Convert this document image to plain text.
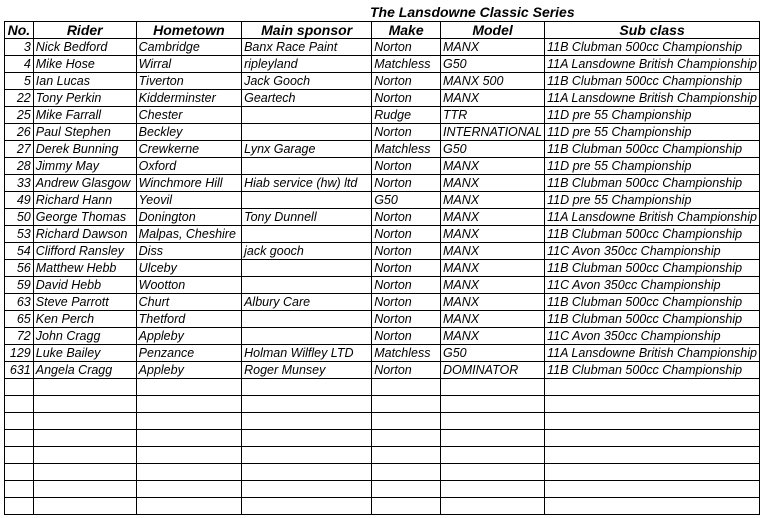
The Lansdowne Classic Series
No.	Rider	Hometown	Main sponsor	Make	Model	Sub class
3	Nick Bedford	Cambridge	Banx Race Paint	Norton	MANX	11B Clubman 500cc Championship
4	Mike Hose	Wirral	ripleyland	Matchless	G50	11A Lansdowne British Championship
5	Ian Lucas	Tiverton	Jack Gooch	Norton	MANX 500	11B Clubman 500cc Championship
22	Tony Perkin	Kidderminster	Geartech	Norton	MANX	11A Lansdowne British Championship
25	Mike Farrall	Chester		Rudge	TTR	11D pre 55 Championship
26	Paul Stephen	Beckley		Norton	INTERNATIONAL	11D pre 55 Championship
27	Derek Bunning	Crewkerne	Lynx Garage	Matchless	G50	11B Clubman 500cc Championship
28	Jimmy May	Oxford		Norton	MANX	11D pre 55 Championship
33	Andrew Glasgow	Winchmore Hill	Hiab service (hw) ltd	Norton	MANX	11B Clubman 500cc Championship
49	Richard Hann	Yeovil		G50	MANX	11D pre 55 Championship
50	George Thomas	Donington	Tony Dunnell	Norton	MANX	11A Lansdowne British Championship
53	Richard Dawson	Malpas, Cheshire		Norton	MANX	11B Clubman 500cc Championship
54	Clifford Ransley	Diss	jack gooch	Norton	MANX	11C Avon 350cc Championship
56	Matthew Hebb	Ulceby		Norton	MANX	11B Clubman 500cc Championship
59	David Hebb	Wootton		Norton	MANX	11C Avon 350cc Championship
63	Steve Parrott	Churt	Albury Care	Norton	MANX	11B Clubman 500cc Championship
65	Ken Perch	Thetford		Norton	MANX	11B Clubman 500cc Championship
72	John Cragg	Appleby		Norton	MANX	11C Avon 350cc Championship
129	Luke Bailey	Penzance	Holman Wilfley LTD	Matchless	G50	11A Lansdowne British Championship
631	Angela Cragg	Appleby	Roger Munsey	Norton	DOMINATOR	11B Clubman 500cc Championship
